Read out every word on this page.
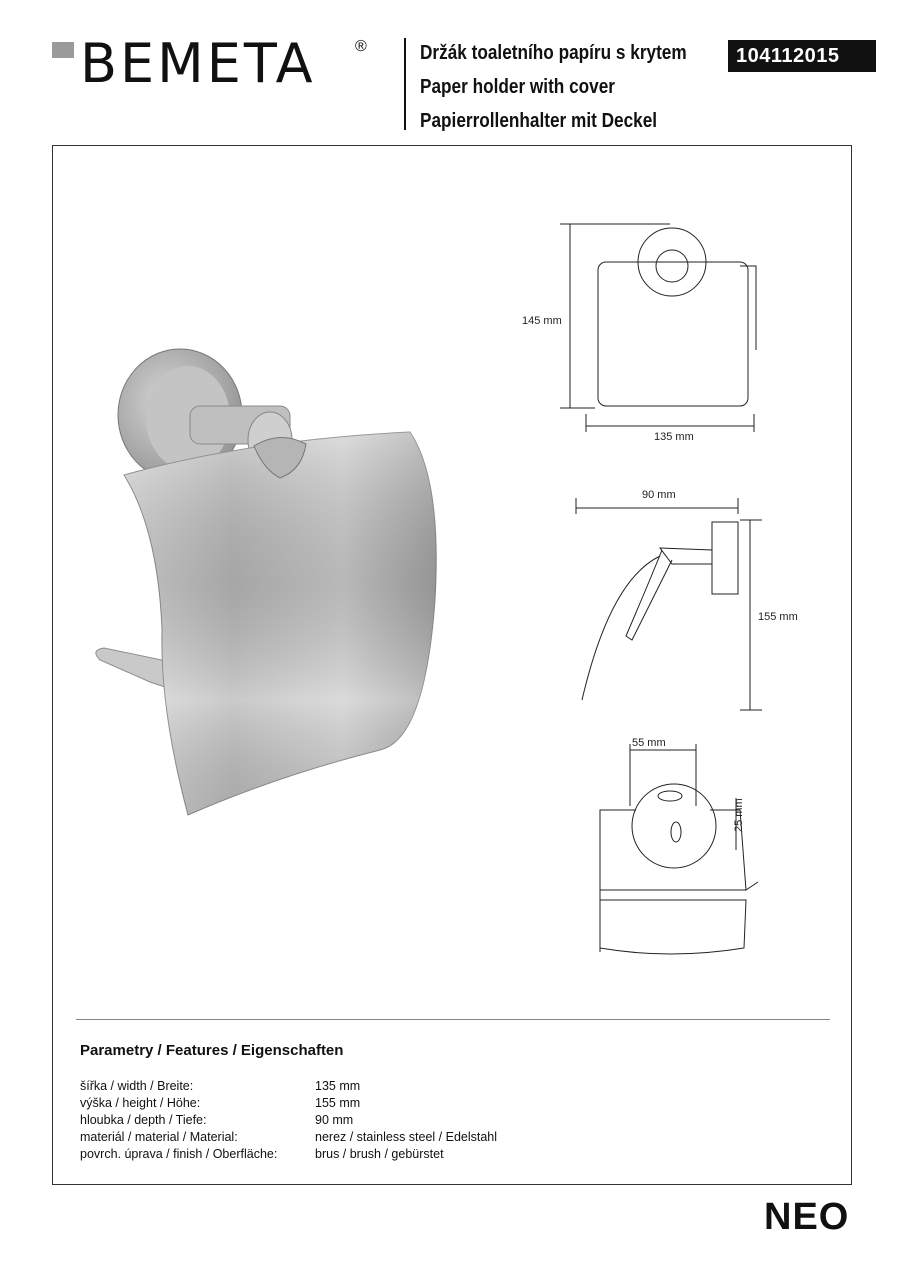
BEMETA ®	Držák toaletního papíru s krytem
Paper holder with cover
Papierrollenhalter mit Deckel
104112015
145 mm
135 mm
90 mm
155 mm
55 mm
25 mm
Parametry / Features / Eigenschaften
šířka / width / Breite:	135 mm
výška / height / Höhe:	155 mm
hloubka / depth / Tiefe:	90 mm
materiál / material / Material:	nerez / stainless steel / Edelstahl
povrch. úprava / finish / Oberfläche:	brus / brush / gebürstet
NEO
